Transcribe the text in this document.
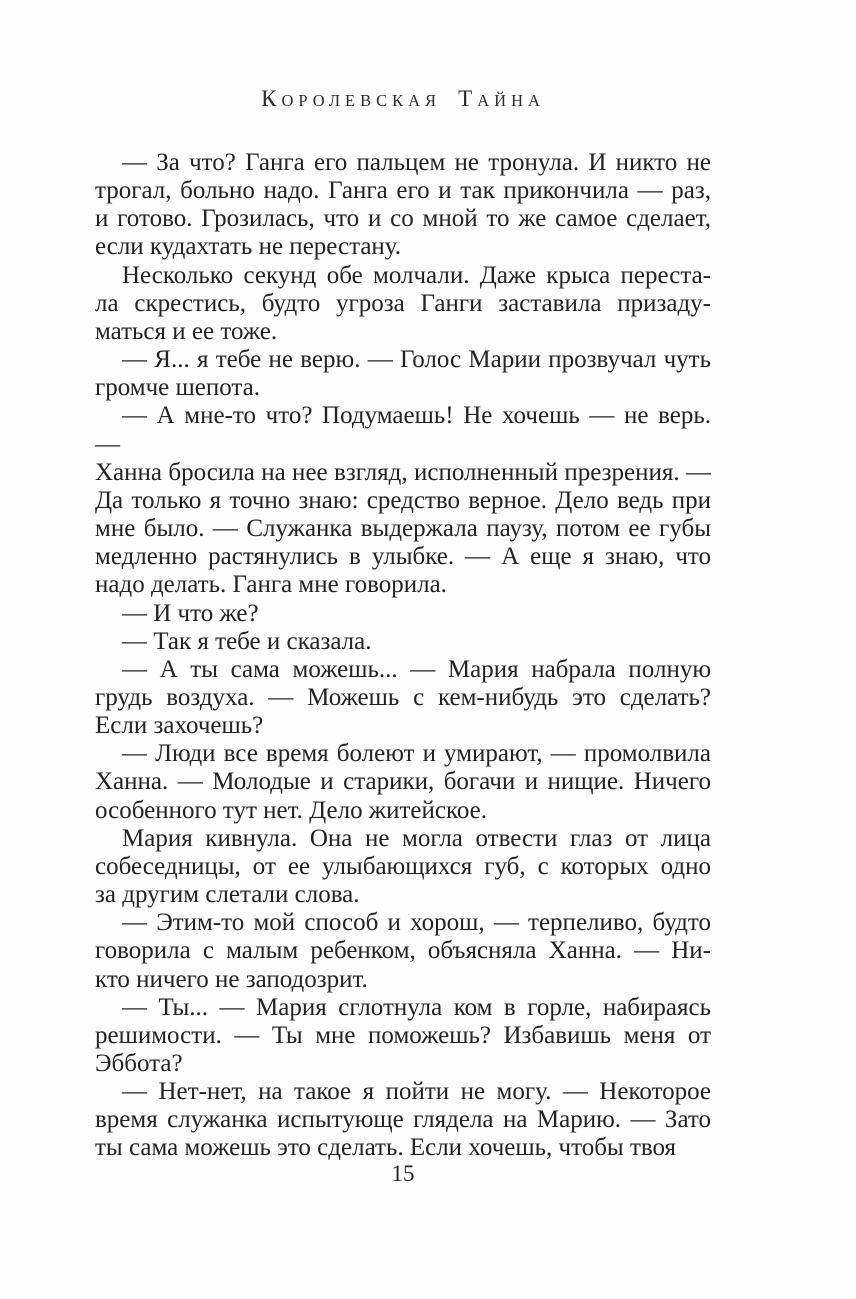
КОРОЛЕВСКАЯ ТАЙНА
— За что? Ганга его пальцем не тронула. И никто не
трогал, больно надо. Ганга его и так прикончила — раз,
и готово. Грозилась, что и со мной то же самое сделает,
если кудахтать не перестану.
Несколько секунд обе молчали. Даже крыса переста-
ла скрестись, будто угроза Ганги заставила призаду-
маться и ее тоже.
— Я... я тебе не верю. — Голос Марии прозвучал чуть
громче шепота.
— А мне-то что? Подумаешь! Не хочешь — не верь. —
Ханна бросила на нее взгляд, исполненный презрения. —
Да только я точно знаю: средство верное. Дело ведь при
мне было. — Служанка выдержала паузу, потом ее губы
медленно растянулись в улыбке. — А еще я знаю, что
надо делать. Ганга мне говорила.
— И что же?
— Так я тебе и сказала.
— А ты сама можешь... — Мария набрала полную
грудь воздуха. — Можешь с кем-нибудь это сделать?
Если захочешь?
— Люди все время болеют и умирают, — промолвила
Ханна. — Молодые и старики, богачи и нищие. Ничего
особенного тут нет. Дело житейское.
Мария кивнула. Она не могла отвести глаз от лица
собеседницы, от ее улыбающихся губ, с которых одно
за другим слетали слова.
— Этим-то мой способ и хорош, — терпеливо, будто
говорила с малым ребенком, объясняла Ханна. — Ни-
кто ничего не заподозрит.
— Ты... — Мария сглотнула ком в горле, набираясь
решимости. — Ты мне поможешь? Избавишь меня от
Эббота?
— Нет-нет, на такое я пойти не могу. — Некоторое
время служанка испытующе глядела на Марию. — Зато
ты сама можешь это сделать. Если хочешь, чтобы твоя
15
